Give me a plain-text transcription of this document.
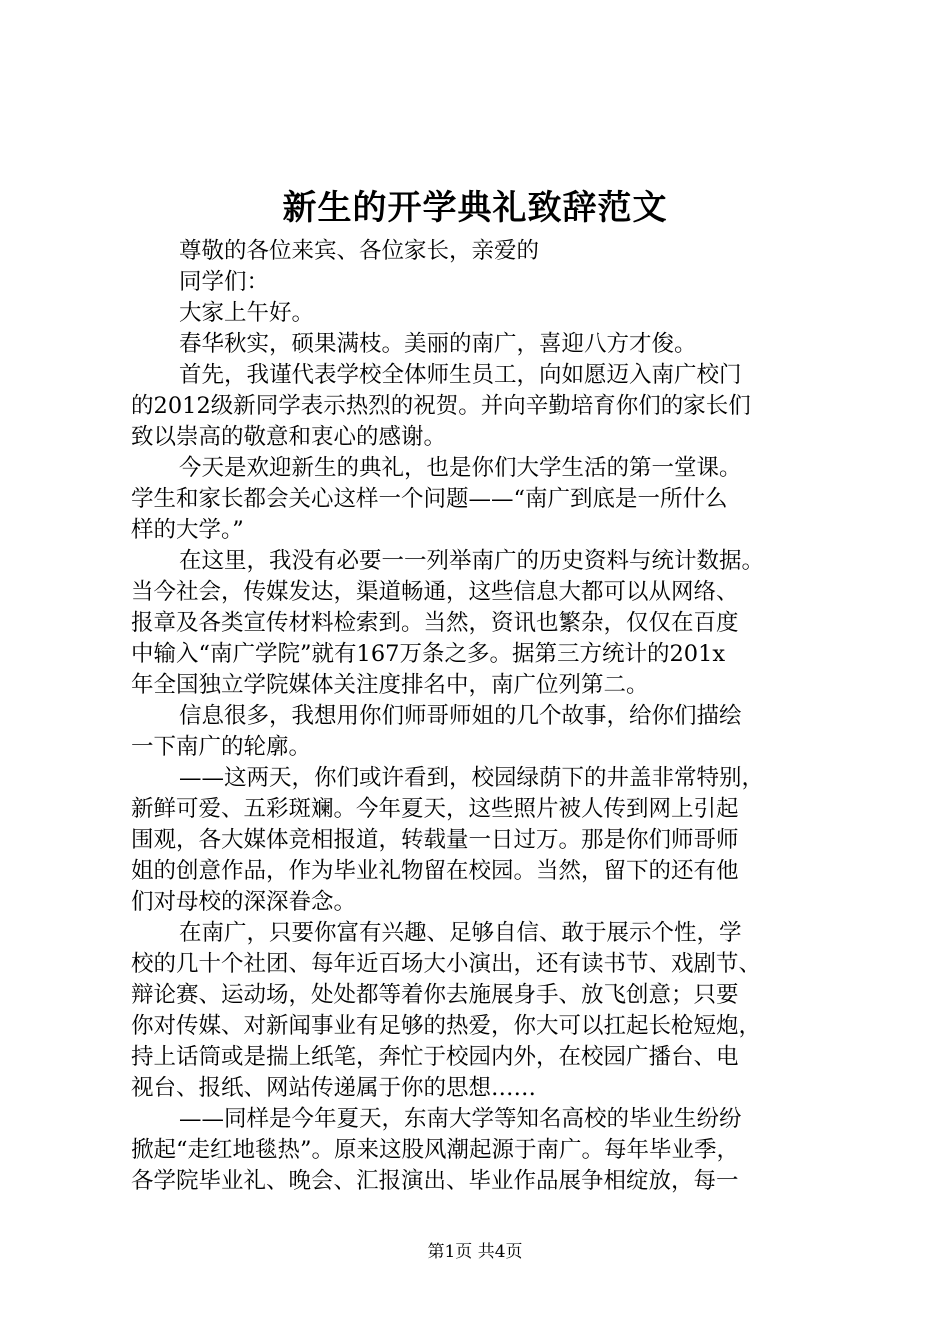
新生的开学典礼致辞范文
尊敬的各位来宾、各位家长，亲爱的
同学们：
大家上午好。
春华秋实，硕果满枝。美丽的南广，喜迎八方才俊。
首先，我谨代表学校全体师生员工，向如愿迈入南广校门
的2012级新同学表示热烈的祝贺。并向辛勤培育你们的家长们
致以崇高的敬意和衷心的感谢。
今天是欢迎新生的典礼，也是你们大学生活的第一堂课。
学生和家长都会关心这样一个问题——“南广到底是一所什么
样的大学。”
在这里，我没有必要一一列举南广的历史资料与统计数据。
当今社会，传媒发达，渠道畅通，这些信息大都可以从网络、
报章及各类宣传材料检索到。当然，资讯也繁杂，仅仅在百度
中输入“南广学院”就有167万条之多。据第三方统计的201x
年全国独立学院媒体关注度排名中，南广位列第二。
信息很多，我想用你们师哥师姐的几个故事，给你们描绘
一下南广的轮廓。
——这两天，你们或许看到，校园绿荫下的井盖非常特别，
新鲜可爱、五彩斑斓。今年夏天，这些照片被人传到网上引起
围观，各大媒体竞相报道，转载量一日过万。那是你们师哥师
姐的创意作品，作为毕业礼物留在校园。当然，留下的还有他
们对母校的深深眷念。
在南广，只要你富有兴趣、足够自信、敢于展示个性，学
校的几十个社团、每年近百场大小演出，还有读书节、戏剧节、
辩论赛、运动场，处处都等着你去施展身手、放飞创意；只要
你对传媒、对新闻事业有足够的热爱，你大可以扛起长枪短炮，
持上话筒或是揣上纸笔，奔忙于校园内外，在校园广播台、电
视台、报纸、网站传递属于你的思想……
——同样是今年夏天，东南大学等知名高校的毕业生纷纷
掀起“走红地毯热”。原来这股风潮起源于南广。每年毕业季，
各学院毕业礼、晚会、汇报演出、毕业作品展争相绽放，每一
第1页 共4页
